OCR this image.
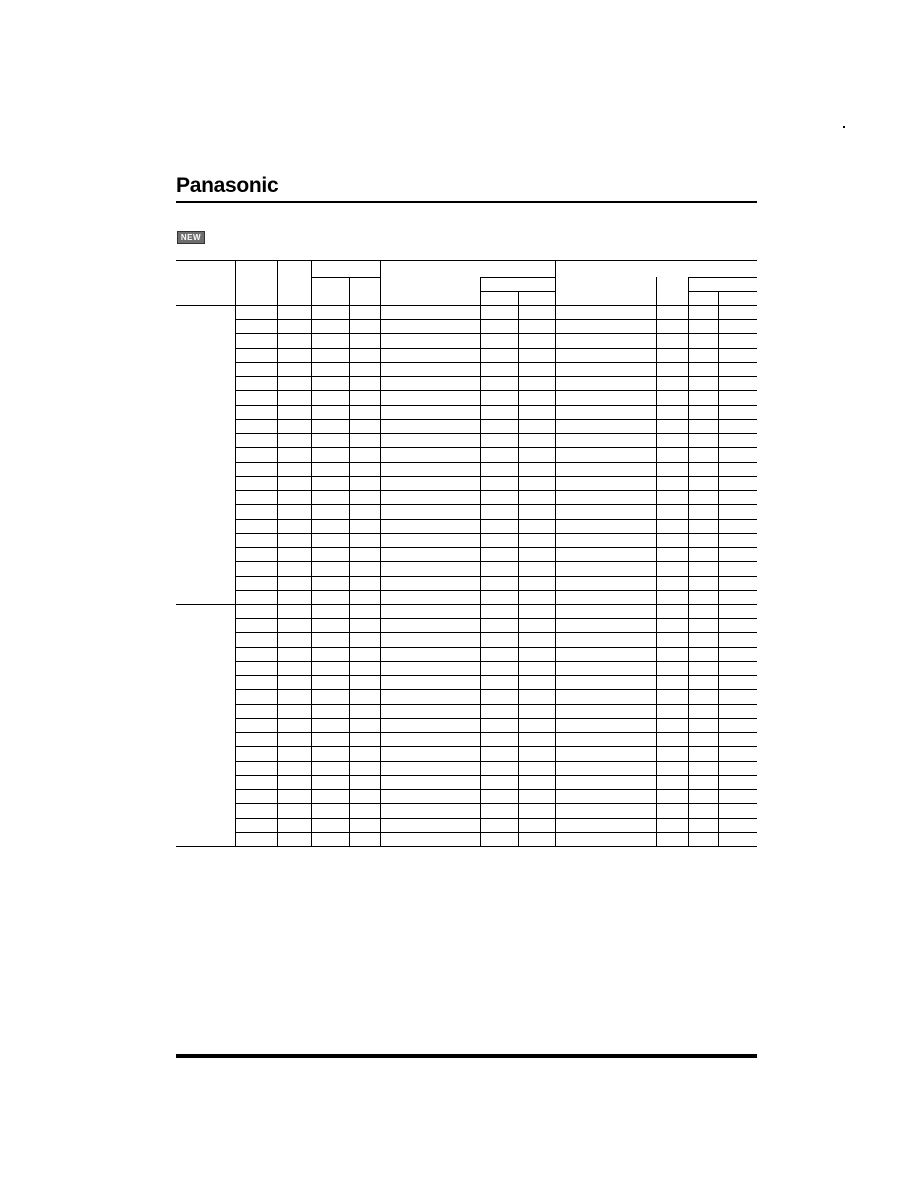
Panasonic
NEW
